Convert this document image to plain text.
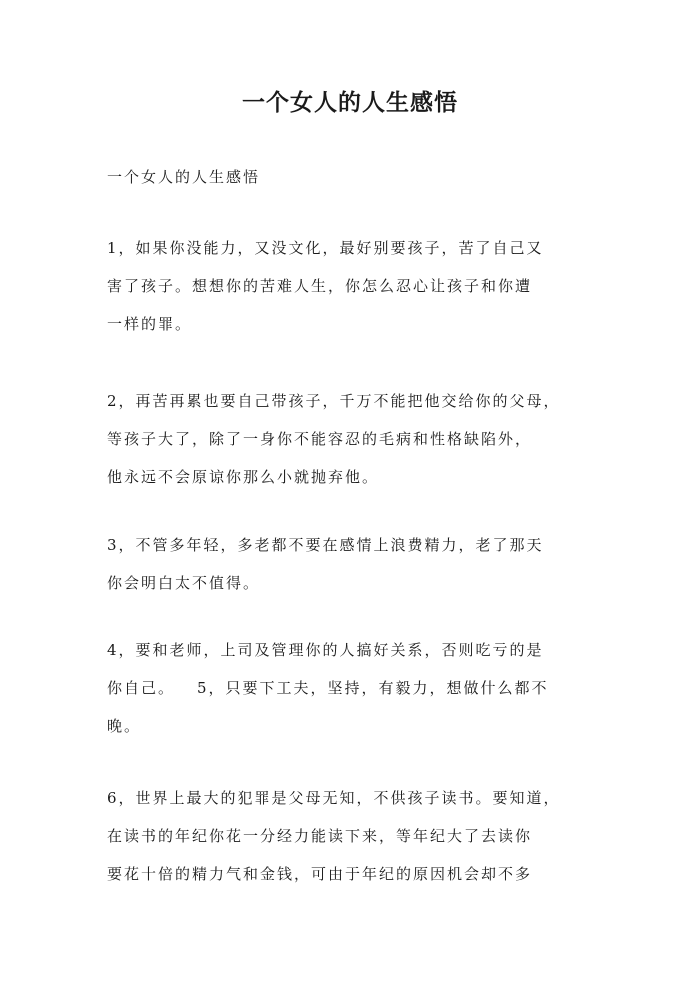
一个女人的人生感悟

一个女人的人生感悟

1，如果你没能力，又没文化，最好别要孩子，苦了自己又
害了孩子。想想你的苦难人生，你怎么忍心让孩子和你遭
一样的罪。
2，再苦再累也要自己带孩子，千万不能把他交给你的父母，
等孩子大了，除了一身你不能容忍的毛病和性格缺陷外，
他永远不会原谅你那么小就抛弃他。
3，不管多年轻，多老都不要在感情上浪费精力，老了那天
你会明白太不值得。
4，要和老师，上司及管理你的人搞好关系，否则吃亏的是
你自己。 5，只要下工夫，坚持，有毅力，想做什么都不
晚。
6，世界上最大的犯罪是父母无知，不供孩子读书。要知道，
在读书的年纪你花一分经力能读下来，等年纪大了去读你
要花十倍的精力气和金钱，可由于年纪的原因机会却不多
